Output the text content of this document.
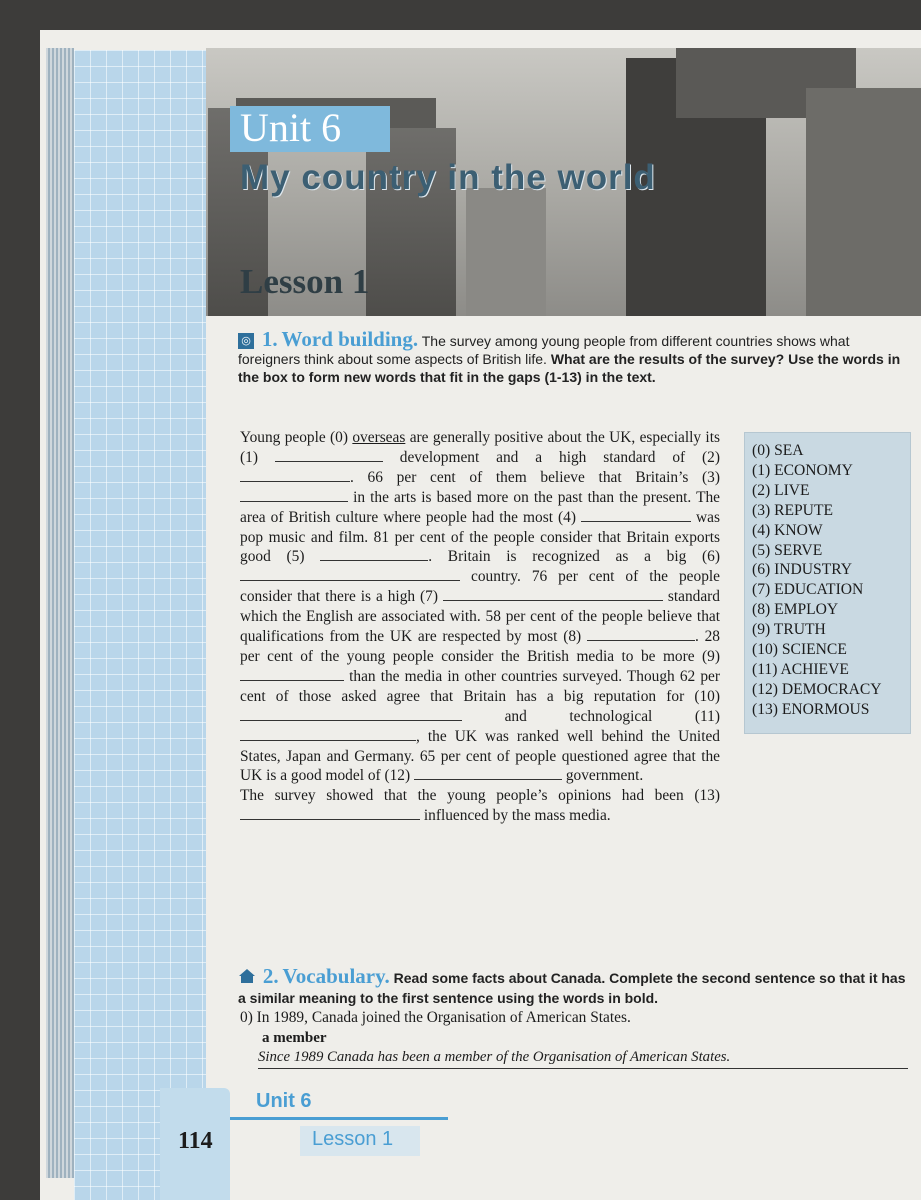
Unit 6
My country in the world
Lesson 1
◎ 1. Word building. The survey among young people from different countries shows what foreigners think about some aspects of British life. What are the results of the survey? Use the words in the box to form new words that fit in the gaps (1-13) in the text.

Young people (0) overseas are generally positive about the UK, especially its (1)	development and a high standard of (2) . 66 per cent of them believe that Britain’s (3)  in the arts is based more on the past than the present. The area of British culture where people had the most (4)	was pop music and film. 81 per cent of the people consider that Britain exports good (5)	. Britain is recognized as a big (6)  country. 76 per cent of the people consider that there is a high (7)	standard which the English are associated with. 58 per cent of the people believe that qualifications from the UK are respected by most (8)	. 28 per cent of the young people consider the British media to be more (9)  than the media in other countries surveyed. Though 62 per cent of those asked agree that Britain has a big reputation for (10)  and technological (11) , the UK was ranked well behind the United States, Japan and Germany. 65 per cent of people questioned agree that the UK is a good model of (12)	government.

The survey showed that the young people’s opinions had been (13)  influenced by the mass media.

(0) SEA
(1) ECONOMY
(2) LIVE
(3) REPUTE
(4) KNOW
(5) SERVE
(6) INDUSTRY
(7) EDUCATION
(8) EMPLOY
(9) TRUTH
(10) SCIENCE
(11) ACHIEVE
(12) DEMOCRACY
(13) ENORMOUS
2. Vocabulary. Read some facts about Canada. Complete the second sentence so that it has a similar meaning to the first sentence using the words in bold.
0) In 1989, Canada joined the Organisation of American States.
a member
Since 1989 Canada has been a member of the Organisation of American States.
114
Unit 6
Lesson 1
